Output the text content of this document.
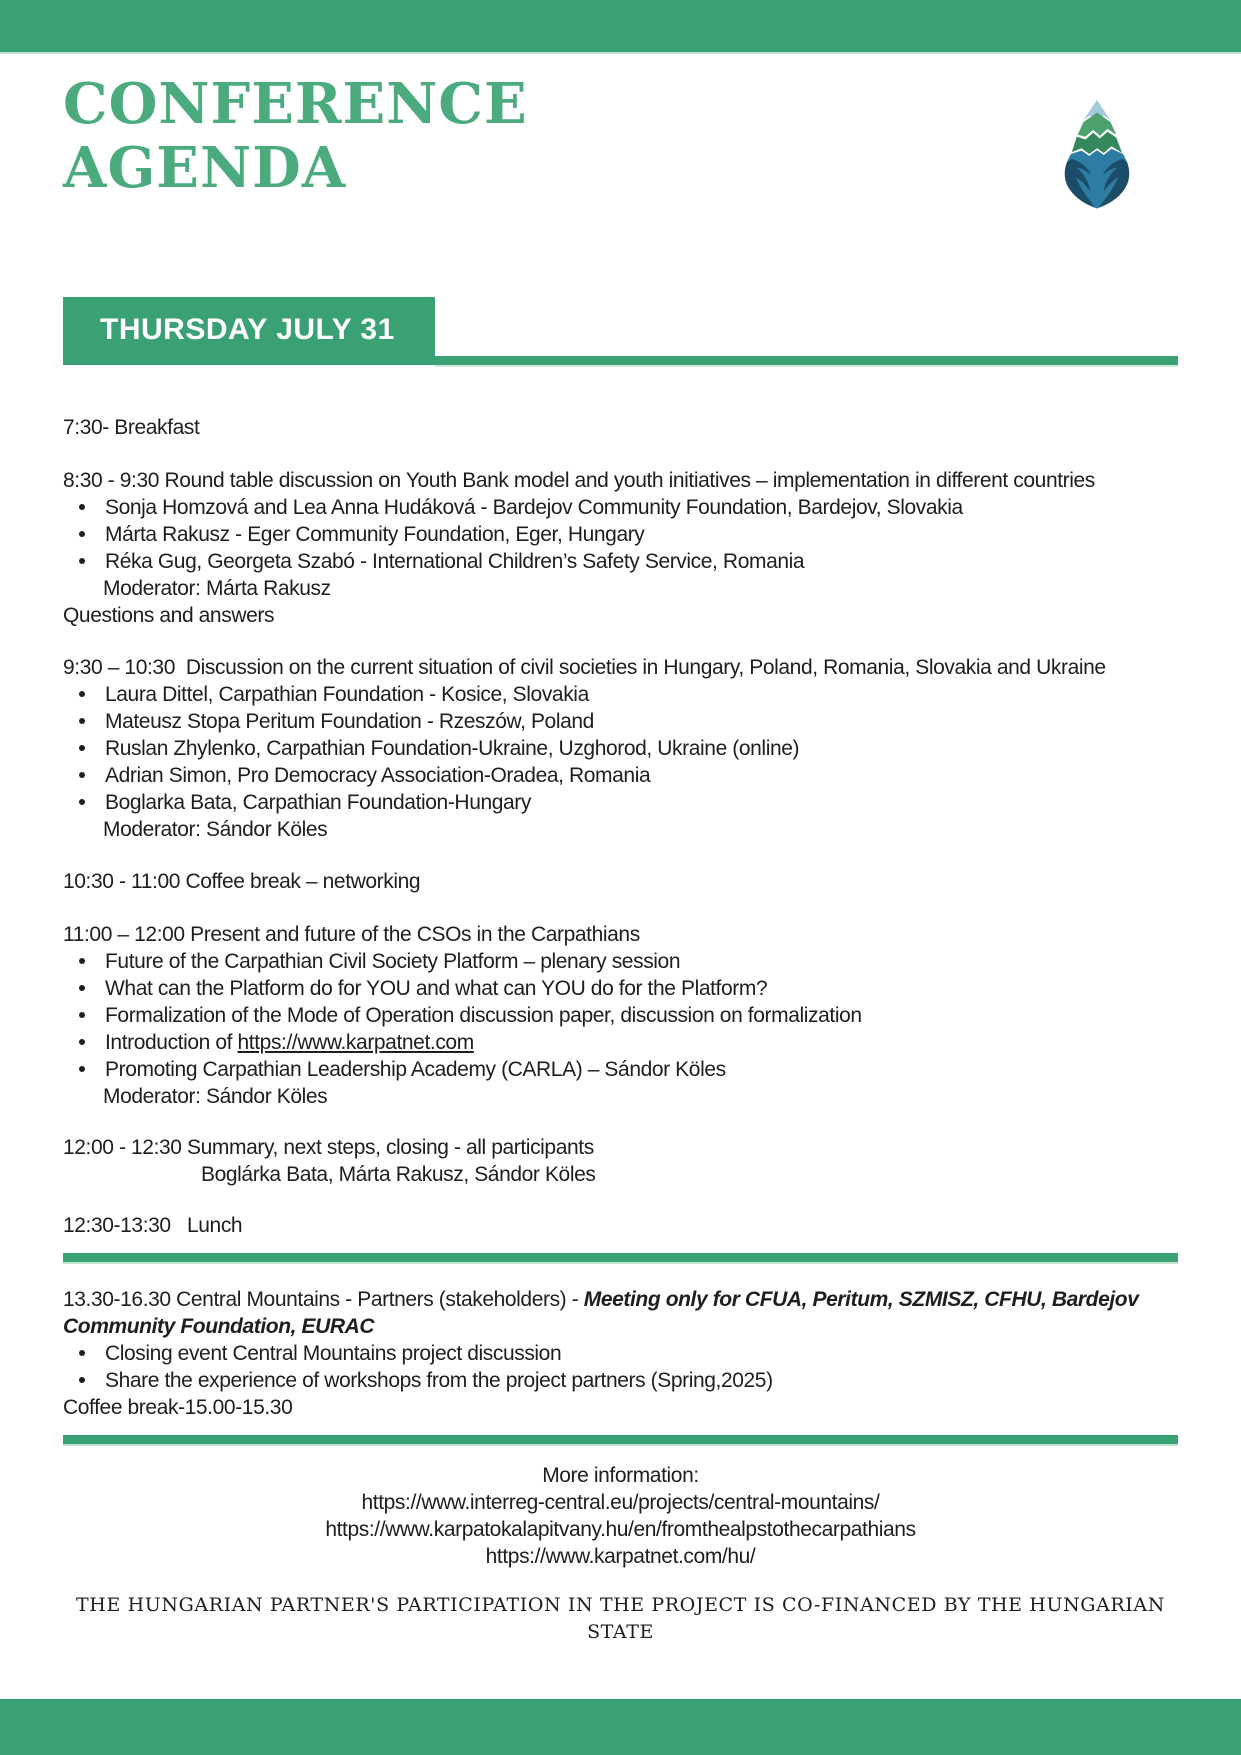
CONFERENCE
AGENDA
THURSDAY JULY 31
7:30- Breakfast
8:30 - 9:30 Round table discussion on Youth Bank model and youth initiatives – implementation in different countries
Sonja Homzová and Lea Anna Hudáková - Bardejov Community Foundation, Bardejov, Slovakia
Márta Rakusz - Eger Community Foundation, Eger, Hungary
Réka Gug, Georgeta Szabó - International Children’s Safety Service, Romania
Moderator: Márta Rakusz
Questions and answers
9:30 – 10:30  Discussion on the current situation of civil societies in Hungary, Poland, Romania, Slovakia and Ukraine
Laura Dittel, Carpathian Foundation - Kosice, Slovakia
Mateusz Stopa Peritum Foundation - Rzeszów, Poland
Ruslan Zhylenko, Carpathian Foundation-Ukraine, Uzghorod, Ukraine (online)
Adrian Simon, Pro Democracy Association-Oradea, Romania
Boglarka Bata, Carpathian Foundation-Hungary
Moderator: Sándor Köles
10:30 - 11:00 Coffee break – networking
11:00 – 12:00 Present and future of the CSOs in the Carpathians
Future of the Carpathian Civil Society Platform – plenary session
What can the Platform do for YOU and what can YOU do for the Platform?
Formalization of the Mode of Operation discussion paper, discussion on formalization
Introduction of https://www.karpatnet.com
Promoting Carpathian Leadership Academy (CARLA) – Sándor Köles
Moderator: Sándor Köles
12:00 - 12:30 Summary, next steps, closing - all participants
Boglárka Bata, Márta Rakusz, Sándor Köles
12:30-13:30   Lunch
13.30-16.30 Central Mountains - Partners (stakeholders) - Meeting only for CFUA, Peritum, SZMISZ, CFHU, Bardejov Community Foundation, EURAC
Closing event Central Mountains project discussion
Share the experience of workshops from the project partners (Spring,2025)
Coffee break-15.00-15.30
More information:
https://www.interreg-central.eu/projects/central-mountains/
https://www.karpatokalapitvany.hu/en/fromthealpstothecarpathians
https://www.karpatnet.com/hu/
THE HUNGARIAN PARTNER'S PARTICIPATION IN THE PROJECT IS CO-FINANCED BY THE HUNGARIAN STATE
